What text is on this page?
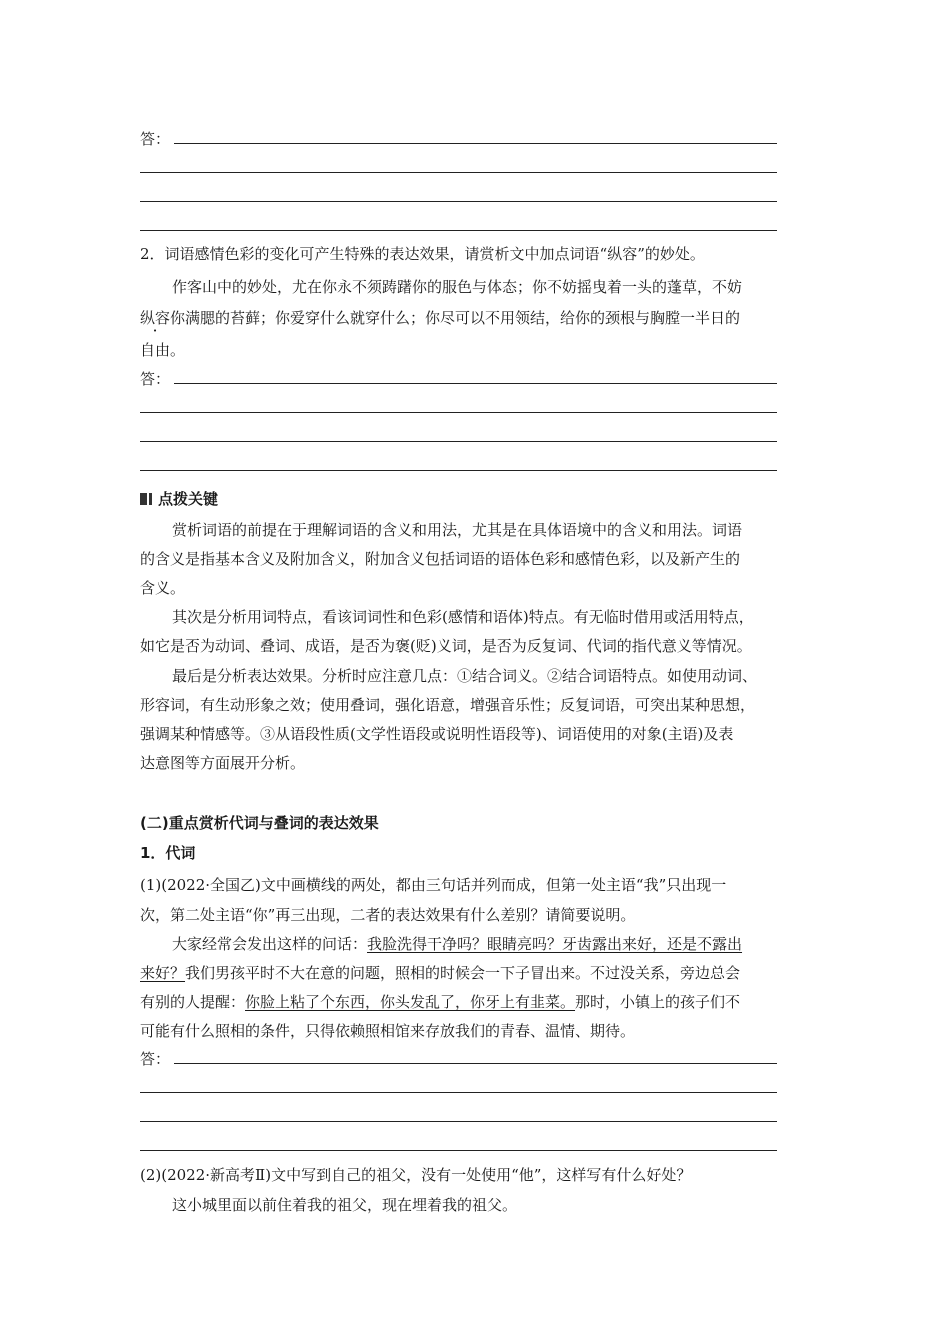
答：
2．词语感情色彩的变化可产生特殊的表达效果，请赏析文中加点词语“纵容”的妙处。
作客山中的妙处，尤在你永不须踌躇你的服色与体态；你不妨摇曳着一头的蓬草，不妨
纵容你满腮的苔藓；你爱穿什么就穿什么；你尽可以不用领结，给你的颈根与胸膛一半日的
自由。
答：
点拨关键
赏析词语的前提在于理解词语的含义和用法，尤其是在具体语境中的含义和用法。词语
的含义是指基本含义及附加含义，附加含义包括词语的语体色彩和感情色彩，以及新产生的
含义。
其次是分析用词特点，看该词词性和色彩(感情和语体)特点。有无临时借用或活用特点，
如它是否为动词、叠词、成语，是否为褒(贬)义词，是否为反复词、代词的指代意义等情况。
最后是分析表达效果。分析时应注意几点：①结合词义。②结合词语特点。如使用动词、
形容词，有生动形象之效；使用叠词，强化语意，增强音乐性；反复词语，可突出某种思想，
强调某种情感等。③从语段性质(文学性语段或说明性语段等)、词语使用的对象(主语)及表
达意图等方面展开分析。
(二)重点赏析代词与叠词的表达效果
1．代词
(1)(2022·全国乙)文中画横线的两处，都由三句话并列而成，但第一处主语“我”只出现一
次，第二处主语“你”再三出现，二者的表达效果有什么差别？请简要说明。
大家经常会发出这样的问话：我脸洗得干净吗？眼睛亮吗？牙齿露出来好，还是不露出
来好？我们男孩平时不大在意的问题，照相的时候会一下子冒出来。不过没关系，旁边总会
有别的人提醒：你脸上粘了个东西，你头发乱了，你牙上有韭菜。那时，小镇上的孩子们不
可能有什么照相的条件，只得依赖照相馆来存放我们的青春、温情、期待。
答：
(2)(2022·新高考Ⅱ)文中写到自己的祖父，没有一处使用“他”，这样写有什么好处？
这小城里面以前住着我的祖父，现在埋着我的祖父。
